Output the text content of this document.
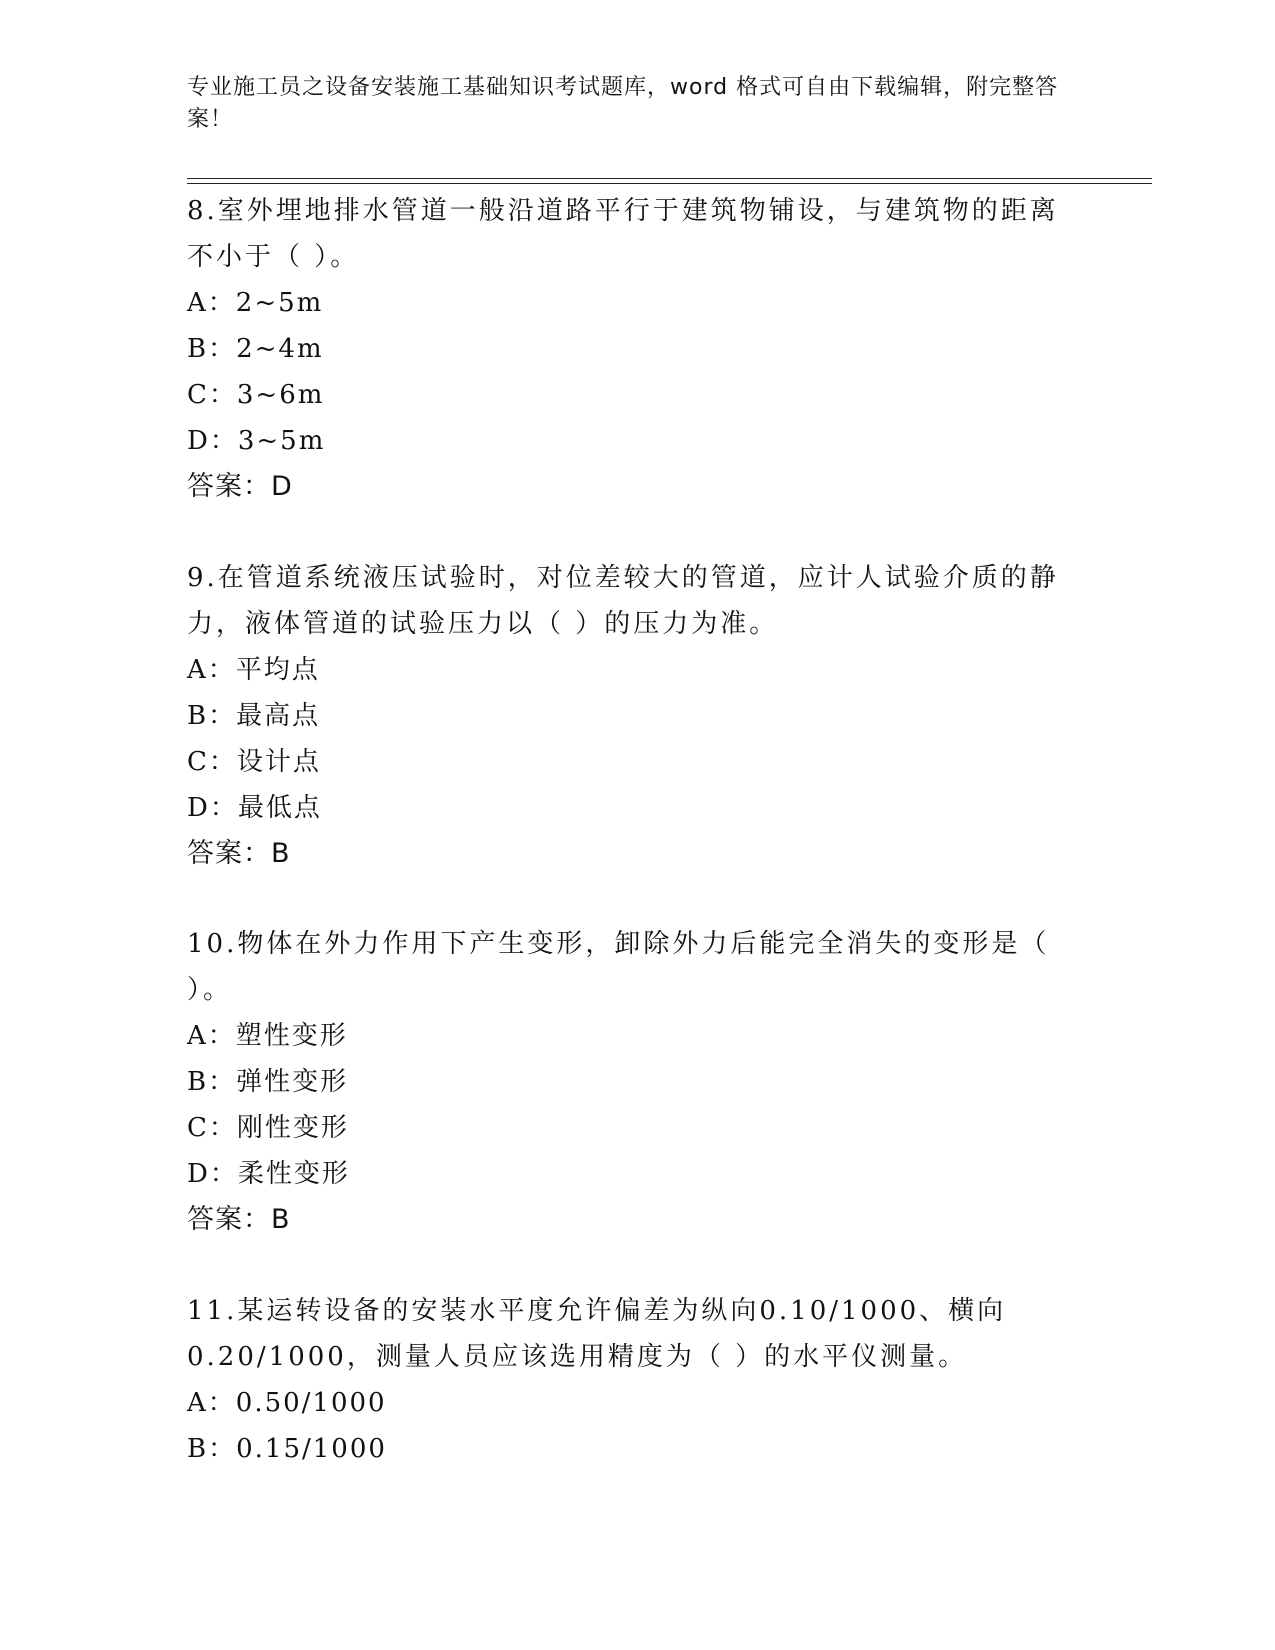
专业施工员之设备安装施工基础知识考试题库，word 格式可自由下载编辑，附完整答案！

8.室外埋地排水管道一般沿道路平行于建筑物铺设，与建筑物的距离不小于（ ）。

A：2~5m

B：2~4m

C：3~6m

D：3~5m

答案：D

9.在管道系统液压试验时，对位差较大的管道，应计人试验介质的静力，液体管道的试验压力以（ ）的压力为准。

A：平均点

B：最高点

C：设计点

D：最低点

答案：B

10.物体在外力作用下产生变形，卸除外力后能完全消失的变形是（ ）。

A：塑性变形

B：弹性变形

C：刚性变形

D：柔性变形

答案：B

11.某运转设备的安装水平度允许偏差为纵向0.10/1000、横向0.20/1000，测量人员应该选用精度为（ ）的水平仪测量。

A：0.50/1000

B：0.15/1000
